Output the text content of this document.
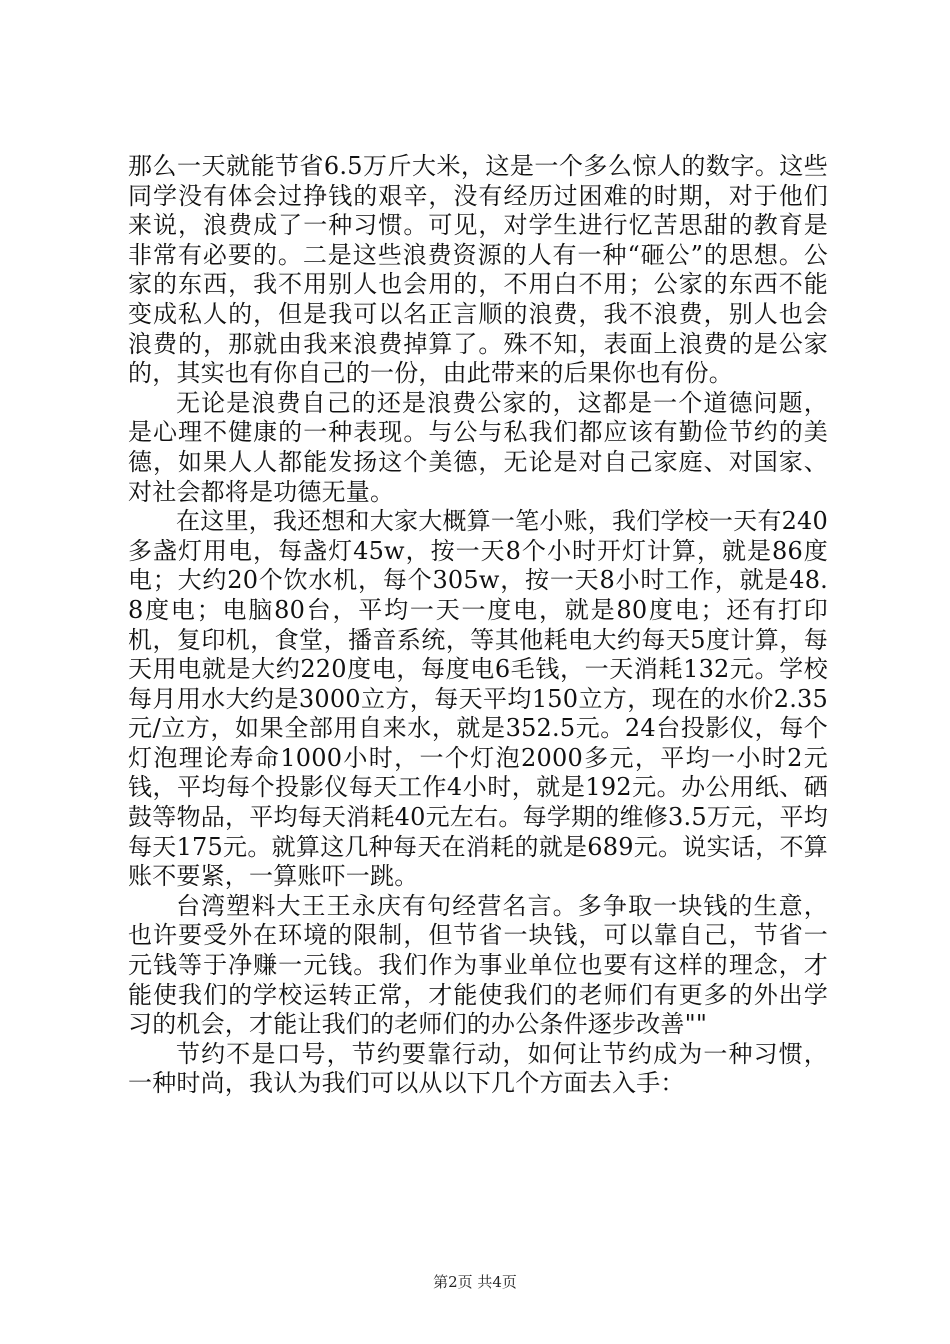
那么一天就能节省6.5万斤大米，这是一个多么惊人的数字。这些同学没有体会过挣钱的艰辛，没有经历过困难的时期，对于他们来说，浪费成了一种习惯。可见，对学生进行忆苦思甜的教育是非常有必要的。二是这些浪费资源的人有一种“砸公”的思想。公家的东西，我不用别人也会用的，不用白不用；公家的东西不能变成私人的，但是我可以名正言顺的浪费，我不浪费，别人也会浪费的，那就由我来浪费掉算了。殊不知，表面上浪费的是公家的，其实也有你自己的一份，由此带来的后果你也有份。

无论是浪费自己的还是浪费公家的，这都是一个道德问题，是心理不健康的一种表现。与公与私我们都应该有勤俭节约的美德，如果人人都能发扬这个美德，无论是对自己家庭、对国家、对社会都将是功德无量。

在这里，我还想和大家大概算一笔小账，我们学校一天有240多盏灯用电，每盏灯45w，按一天8个小时开灯计算，就是86度电；大约20个饮水机，每个305w，按一天8小时工作，就是48.8度电；电脑80台，平均一天一度电，就是80度电；还有打印机，复印机，食堂，播音系统，等其他耗电大约每天5度计算，每天用电就是大约220度电，每度电6毛钱，一天消耗132元。学校每月用水大约是3000立方，每天平均150立方，现在的水价2.35元/立方，如果全部用自来水，就是352.5元。24台投影仪，每个灯泡理论寿命1000小时，一个灯泡2000多元，平均一小时2元钱，平均每个投影仪每天工作4小时，就是192元。办公用纸、硒鼓等物品，平均每天消耗40元左右。每学期的维修3.5万元，平均每天175元。就算这几种每天在消耗的就是689元。说实话，不算账不要紧，一算账吓一跳。

台湾塑料大王王永庆有句经营名言。多争取一块钱的生意，也许要受外在环境的限制，但节省一块钱，可以靠自己，节省一元钱等于净赚一元钱。我们作为事业单位也要有这样的理念，才能使我们的学校运转正常，才能使我们的老师们有更多的外出学习的机会，才能让我们的老师们的办公条件逐步改善""

节约不是口号，节约要靠行动，如何让节约成为一种习惯，一种时尚，我认为我们可以从以下几个方面去入手：

第2页 共4页
